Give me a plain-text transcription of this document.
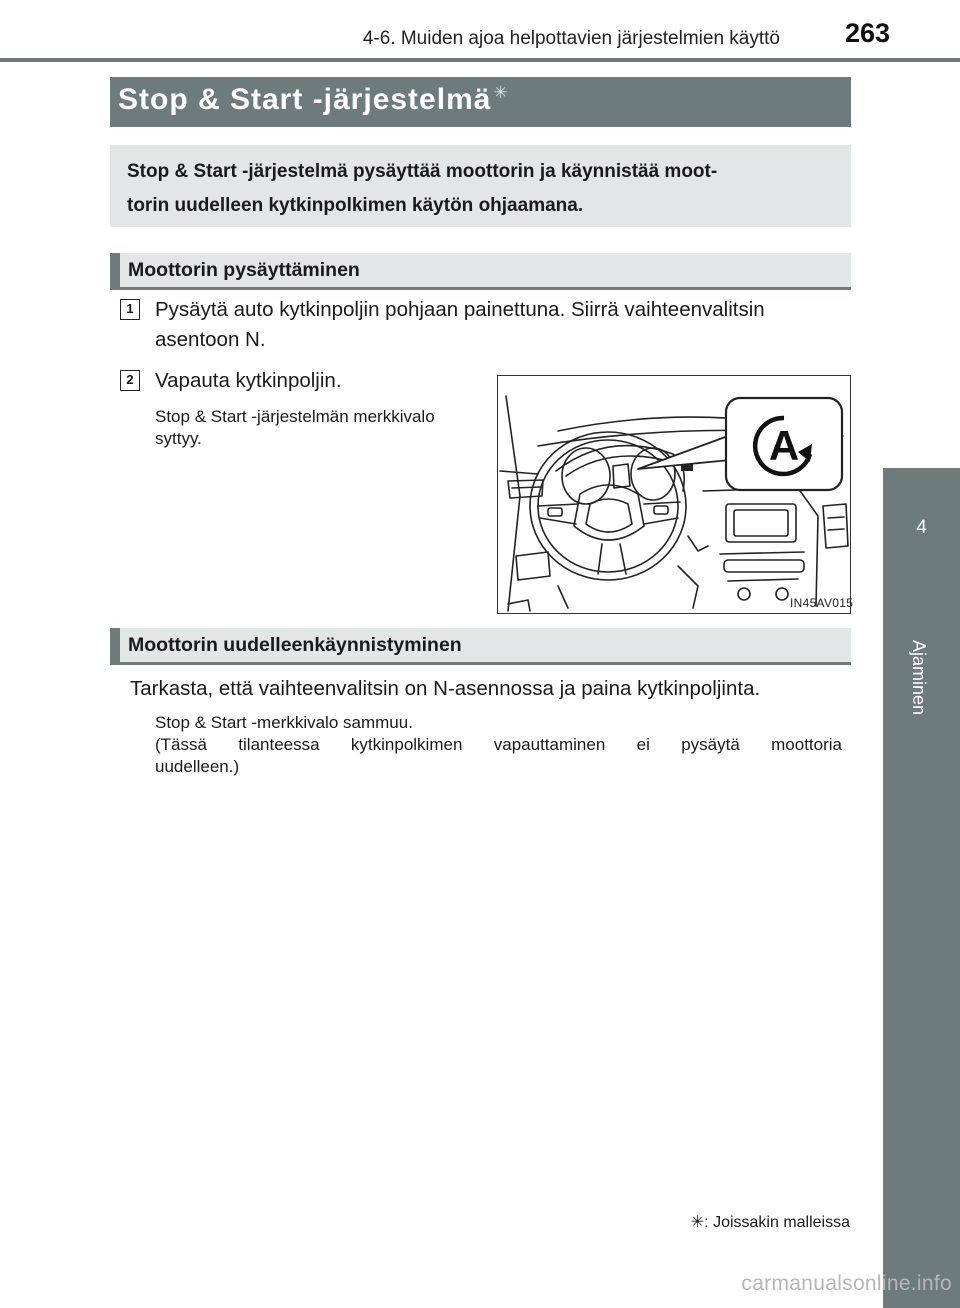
4-6. Muiden ajoa helpottavien järjestelmien käyttö	263
4
Ajaminen
Stop & Start -järjestelmä ✳
Stop & Start -järjestelmä pysäyttää moottorin ja käynnistää moot-
torin uudelleen kytkinpolkimen käytön ohjaamana.
Moottorin pysäyttäminen
1	Pysäytä auto kytkinpoljin pohjaan painettuna. Siirrä vaihteenvalitsin
asentoon N.
2	Vapauta kytkinpoljin.
Stop & Start -järjestelmän merkkivalo
syttyy.	A
IN45AV015
Moottorin uudelleenkäynnistyminen
Tarkasta, että vaihteenvalitsin on N-asennossa ja paina kytkinpoljinta.
Stop & Start -merkkivalo sammuu.
(Tässä tilanteessa kytkinpolkimen vapauttaminen ei pysäytä moottoria
uudelleen.)
✳: Joissakin malleissa
carmanualsonline.info
